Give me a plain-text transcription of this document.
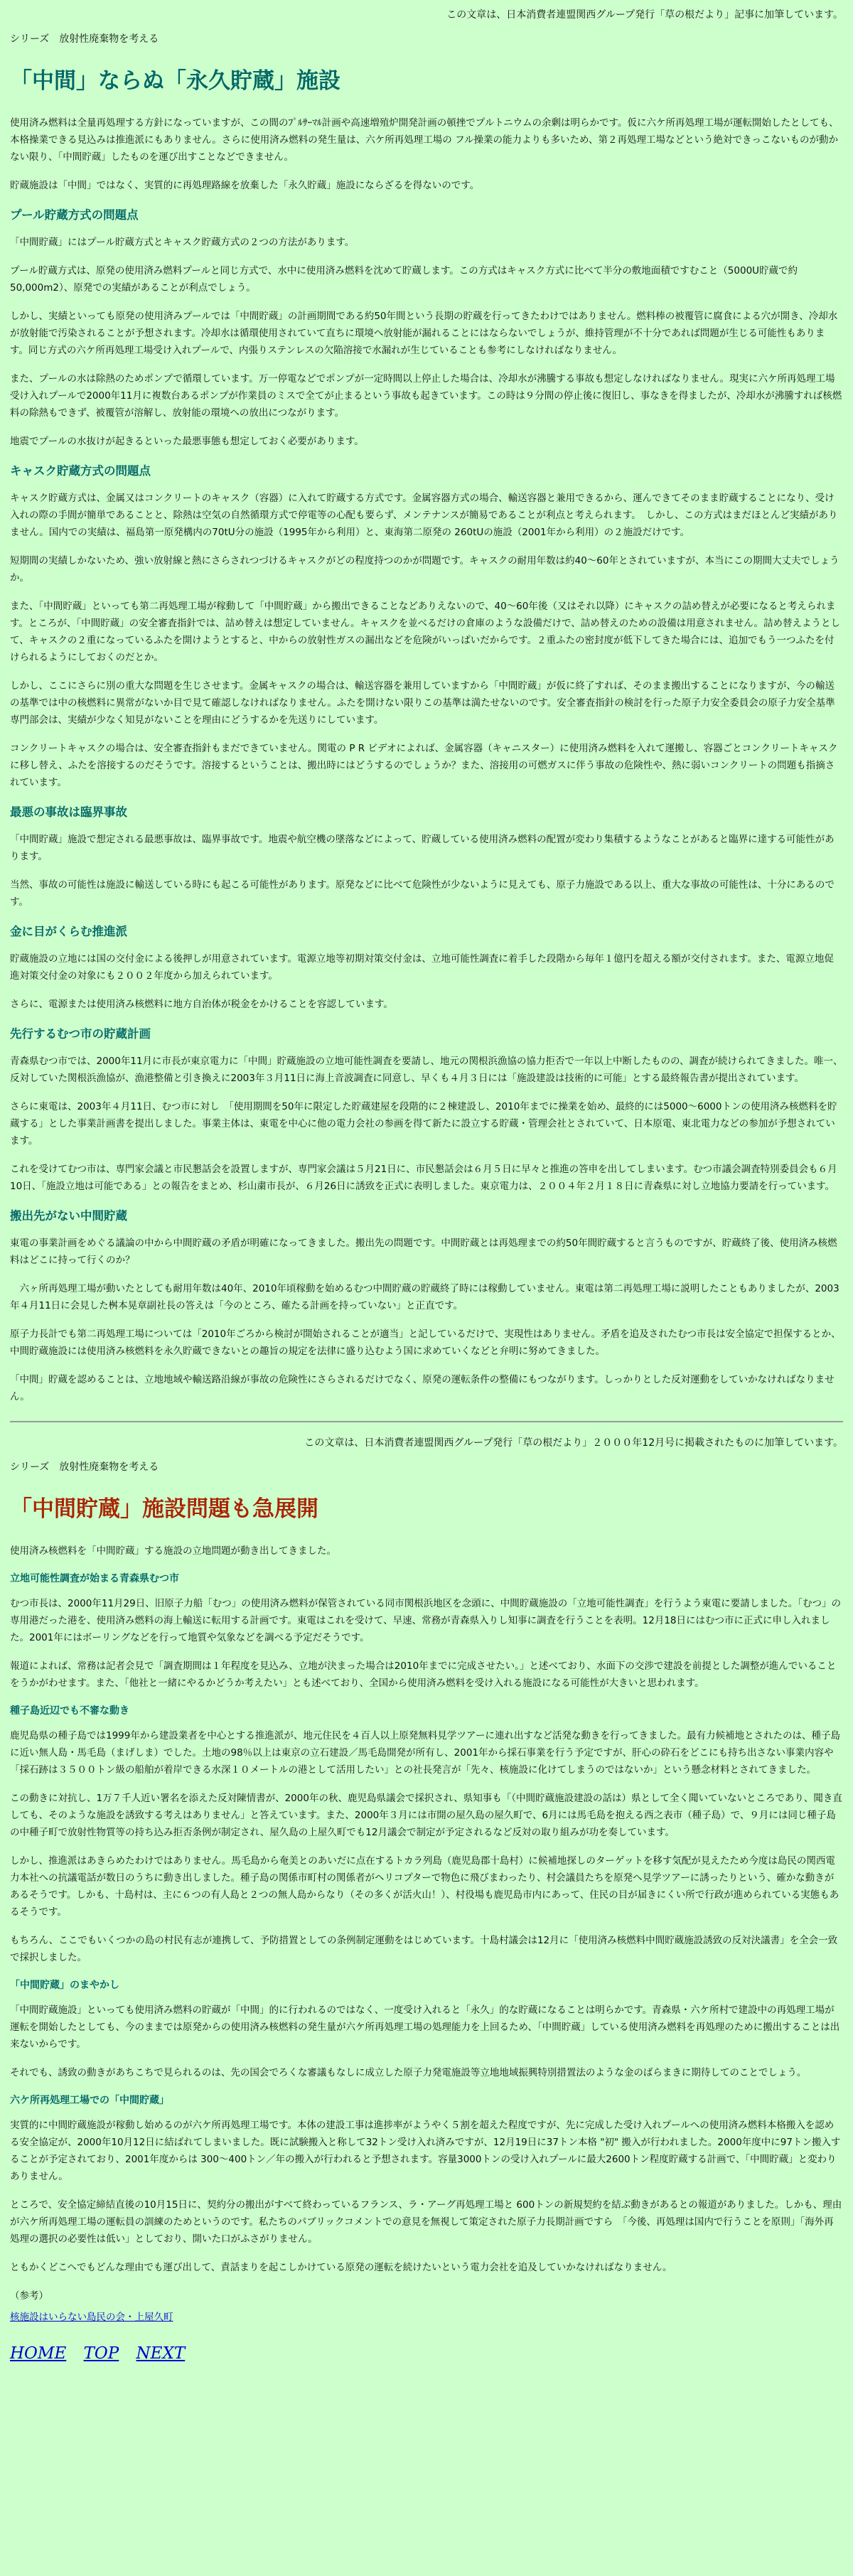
この文章は、日本消費者連盟関西グループ発行「草の根だより」記事に加筆しています。
シリーズ　放射性廃棄物を考える
「中間」ならぬ「永久貯蔵」施設

使用済み燃料は全量再処理する方針になっていますが、この間のﾌﾟﾙｻｰﾏﾙ計画や高速増殖炉開発計画の頓挫でプルトニウムの余剰は明らかです。仮に六ケ所再処理工場が運転開始したとしても、本格操業できる見込みは推進派にもありません。さらに使用済み燃料の発生量は、六ケ所再処理工場の フル操業の能力よりも多いため、第２再処理工場などという絶対できっこないものが動かない限り、「中間貯蔵」したものを運び出すことなどできません。

貯蔵施設は「中間」ではなく、実質的に再処理路線を放棄した「永久貯蔵」施設にならざるを得ないのです。

プール貯蔵方式の問題点

「中間貯蔵」にはプール貯蔵方式とキャスク貯蔵方式の２つの方法があります。

プール貯蔵方式は、原発の使用済み燃料プールと同じ方式で、水中に使用済み燃料を沈めて貯蔵します。この方式はキャスク方式に比べて半分の敷地面積ですむこと（5000U貯蔵で約50,000m2）、原発での実績があることが利点でしょう。

しかし、実績といっても原発の使用済みプールでは「中間貯蔵」の計画期間である約50年間という長期の貯蔵を行ってきたわけではありません。燃料棒の被覆管に腐食による穴が開き、冷却水が放射能で汚染されることが予想されます。冷却水は循環使用されていて直ちに環境へ放射能が漏れることにはならないでしょうが、維持管理が不十分であれば問題が生じる可能性もあります。同じ方式の六ケ所再処理工場受け入れプールで、内張りステンレスの欠陥溶接で水漏れが生じていることも参考にしなければなりません。

また、プールの水は除熱のためポンプで循環しています。万一停電などでポンプが一定時間以上停止した場合は、冷却水が沸騰する事故も想定しなければなりません。現実に六ケ所再処理工場受け入れプールで2000年11月に複数台あるポンプが作業員のミスで全てが止まるという事故も起きています。この時は９分間の停止後に復旧し、事なきを得ましたが、冷却水が沸騰すれば核燃料の除熱もできず、被覆管が溶解し、放射能の環境への放出につながります。

地震でプールの水抜けが起きるといった最悪事態も想定しておく必要があります。

キャスク貯蔵方式の問題点

キャスク貯蔵方式は、金属又はコンクリートのキャスク（容器）に入れて貯蔵する方式です。金属容器方式の場合、輸送容器と兼用できるから、運んできてそのまま貯蔵することになり、受け入れの際の手間が簡単であることと、除熱は空気の自然循環方式で停電等の心配も要らず、メンテナンスが簡易であることが利点と考えられます。　しかし、この方式はまだほとんど実績がありません。国内での実績は、福島第一原発構内の70tU分の施設（1995年から利用）と、東海第二原発の 260tUの施設（2001年から利用）の２施設だけです。

短期間の実績しかないため、強い放射線と熱にさらされつづけるキャスクがどの程度持つのかが問題です。キャスクの耐用年数は約40〜60年とされていますが、本当にこの期間大丈夫でしょうか。

また、「中間貯蔵」といっても第二再処理工場が稼動して「中間貯蔵」から搬出できることなどありえないので、40〜60年後（又はそれ以降）にキャスクの詰め替えが必要になると考えられます。ところが、「中間貯蔵」の安全審査指針では、詰め替えは想定していません。キャスクを並べるだけの倉庫のような設備だけで、詰め替えのための設備は用意されません。詰め替えようとして、キャスクの２重になっているふたを開けようとすると、中からの放射性ガスの漏出などを危険がいっぱいだからです。２重ふたの密封度が低下してきた場合には、追加でもう一つふたを付けられるようにしておくのだとか。

しかし、ここにさらに別の重大な問題を生じさせます。金属キャスクの場合は、輸送容器を兼用していますから「中間貯蔵」が仮に終了すれば、そのまま搬出することになりますが、今の輸送の基準では中の核燃料に異常がないか目で見て確認しなければなりません。ふたを開けない限りこの基準は満たせないのです。安全審査指針の検討を行った原子力安全委員会の原子力安全基準専門部会は、実績が少なく知見がないことを理由にどうするかを先送りにしています。

コンクリートキャスクの場合は、安全審査指針もまだできていません。関電の P R ビデオによれば、金属容器（キャニスター）に使用済み燃料を入れて運搬し、容器ごとコンクリートキャスクに移し替え、ふたを溶接するのだそうです。溶接するということは、搬出時にはどうするのでしょうか？また、溶接用の可燃ガスに伴う事故の危険性や、熱に弱いコンクリートの問題も指摘されています。

最悪の事故は臨界事故

「中間貯蔵」施設で想定される最悪事故は、臨界事故です。地震や航空機の墜落などによって、貯蔵している使用済み燃料の配置が変わり集積するようなことがあると臨界に達する可能性があります。

当然、事故の可能性は施設に輸送している時にも起こる可能性があります。原発などに比べて危険性が少ないように見えても、原子力施設である以上、重大な事故の可能性は、十分にあるのです。

金に目がくらむ推進派

貯蔵施設の立地には国の交付金による後押しが用意されています。電源立地等初期対策交付金は、立地可能性調査に着手した段階から毎年１億円を超える額が交付されます。また、電源立地促進対策交付金の対象にも２００２年度から加えられています。

さらに、電源または使用済み核燃料に地方自治体が税金をかけることを容認しています。

先行するむつ市の貯蔵計画

青森県むつ市では、2000年11月に市長が東京電力に「中間」貯蔵施設の立地可能性調査を要請し、地元の関根浜漁協の協力拒否で一年以上中断したものの、調査が続けられてきました。唯一、反対していた関根浜漁協が、漁港整備と引き換えに2003年３月11日に海上音波調査に同意し、早くも４月３日には「施設建設は技術的に可能」とする最終報告書が提出されています。

さらに東電は、2003年４月11日、むつ市に対し　「使用期間を50年に限定した貯蔵建屋を段階的に２棟建設し、2010年までに操業を始め、最終的には5000〜6000トンの使用済み核燃料を貯蔵する」とした事業計画書を提出しました。事業主体は、東電を中心に他の電力会社の参画を得て新たに設立する貯蔵・管理会社とされていて、日本原電、東北電力などの参加が予想されています。

これを受けてむつ市は、専門家会議と市民懇話会を設置しますが、専門家会議は５月21日に、市民懇話会は６月５日に早々と推進の答申を出してしまいます。むつ市議会調査特別委員会も６月10日、「施設立地は可能である」との報告をまとめ、杉山粛市長が、６月26日に誘致を正式に表明しました。東京電力は、２００４年２月１８日に青森県に対し立地協力要請を行っています。

搬出先がない中間貯蔵

東電の事業計画をめぐる議論の中から中間貯蔵の矛盾が明確になってきました。搬出先の問題です。中間貯蔵とは再処理までの約50年間貯蔵すると言うものですが、貯蔵終了後、使用済み核燃料はどこに持って行くのか？

　六ヶ所再処理工場が動いたとしても耐用年数は40年、2010年頃稼動を始めるむつ中間貯蔵の貯蔵終了時には稼動していません。東電は第二再処理工場に説明したこともありましたが、2003年４月11日に会見した桝本晃章副社長の答えは「今のところ、確たる計画を持っていない」と正直です。

原子力長計でも第二再処理工場については「2010年ごろから検討が開始されることが適当」と記しているだけで、実現性はありません。矛盾を追及されたむつ市長は安全協定で担保するとか、中間貯蔵施設には使用済み核燃料を永久貯蔵できないとの趣旨の規定を法律に盛り込むよう国に求めていくなどと弁明に努めてきました。

「中間」貯蔵を認めることは、立地地域や輸送路沿線が事故の危険性にさらされるだけでなく、原発の運転条件の整備にもつながります。しっかりとした反対運動をしていかなければなりません。

この文章は、日本消費者連盟関西グループ発行「草の根だより」２０００年12月号に掲載されたものに加筆しています。
シリーズ　放射性廃棄物を考える
「中間貯蔵」施設問題も急展開

使用済み核燃料を「中間貯蔵」する施設の立地問題が動き出してきました。

立地可能性調査が始まる青森県むつ市

むつ市長は、2000年11月29日、旧原子力船「むつ」の使用済み燃料が保管されている同市関根浜地区を念頭に、中間貯蔵施設の「立地可能性調査」を行うよう東電に要請しました。「むつ」の専用港だった港を、使用済み燃料の海上輸送に転用する計画です。東電はこれを受けて、早速、常務が青森県入りし知事に調査を行うことを表明。12月18日にはむつ市に正式に申し入れました。2001年にはボーリングなどを行って地質や気象などを調べる予定だそうです。

報道によれば、常務は記者会見で「調査期間は１年程度を見込み、立地が決まった場合は2010年までに完成させたい。」と述べており、水面下の交渉で建設を前提とした調整が進んでいることをうかがわせます。また、「他社と一緒にやるかどうか考えたい」とも述べており、全国から使用済み燃料を受け入れる施設になる可能性が大きいと思われます。

種子島近辺でも不審な動き

鹿児島県の種子島では1999年から建設業者を中心とする推進派が、地元住民を４百人以上原発無料見学ツアーに連れ出すなど活発な動きを行ってきました。最有力候補地とされたのは、種子島に近い無人島・馬毛島（まげしま）でした。土地の98％以上は東京の立石建設／馬毛島開発が所有し、2001年から採石事業を行う予定ですが、肝心の砕石をどこにも持ち出さない事業内容や　「採石跡は３５００トン級の船舶が着岸できる水深１０メートルの港として活用したい」との社長発言が「先々、核施設に化けてしまうのではないか」という懸念材料とされてきました。

この動きに対抗し、1万７千人近い署名を添えた反対陳情書が、2000年の秋、鹿児島県議会で採択され、県知事も「（中間貯蔵施設建設の話は）県として全く聞いていないところであり、聞き直しても、そのような施設を誘致する考えはありません」と答えています。また、2000年３月には市開の屋久島の屋久町で、6月には馬毛島を抱える西之表市（種子島）で、９月には同じ種子島の中種子町で放射性物質等の持ち込み拒否条例が制定され、屋久島の上屋久町でも12月議会で制定が予定されるなど反対の取り組みが功を奏しています。

しかし、推進派はあきらめたわけではありません。馬毛島から奄美とのあいだに点在するトカラ列島（鹿児島郡十島村）に候補地探しのターゲットを移す気配が見えたため今度は島民の関西電力本社への抗議電話が数日のうちに動き出しました。種子島の関係市町村の関係者がヘリコプターで物色に飛びまわったり、村会議員たちを原発へ見学ツアーに誘ったりという、確かな動きがあるそうです。しかも、十島村は、主に６つの有人島と２つの無人島からなり（その多くが活火山！）、村役場も鹿児島市内にあって、住民の目が届きにくい所で行政が進められている実態もあるそうです。

もちろん、ここでもいくつかの島の村民有志が連携して、予防措置としての条例制定運動をはじめています。十島村議会は12月に「使用済み核燃料中間貯蔵施設誘致の反対決議書」を全会一致で採択しました。

「中間貯蔵」のまやかし

「中間貯蔵施設」といっても使用済み燃料の貯蔵が「中間」的に行われるのではなく、一度受け入れると「永久」的な貯蔵になることは明らかです。青森県・六ケ所村で建設中の再処理工場が運転を開始したとしても、今のままでは原発からの使用済み核燃料の発生量が六ケ所再処理工場の処理能力を上回るため、「中間貯蔵」している使用済み燃料を再処理のために搬出することは出来ないからです。

それでも、誘致の動きがあちこちで見られるのは、先の国会でろくな審議もなしに成立した原子力発電施設等立地地域振興特別措置法のような金のばらまきに期待してのことでしょう。

六ケ所再処理工場での「中間貯蔵」

実質的に中間貯蔵施設が稼動し始めるのが六ケ所再処理工場です。本体の建設工事は進捗率がようやく５割を超えた程度ですが、先に完成した受け入れプールへの使用済み燃料本格搬入を認める安全協定が、2000年10月12日に結ばれてしまいました。既に試験搬入と称して32トン受け入れ済みですが、12月19日に37トン本格 "初" 搬入が行われました。2000年度中に97トン搬入することが予定されており、2001年度からは 300〜400トン／年の搬入が行われると予想されます。容量3000トンの受け入れプールに最大2600トン程度貯蔵する計画で、「中間貯蔵」と変わりありません。

ところで、安全協定締結直後の10月15日に、契約分の搬出がすべて終わっているフランス、ラ・アーグ再処理工場と 600トンの新規契約を結ぶ動きがあるとの報道がありました。しかも、理由が六ケ所再処理工場の運転員の訓練のためというのです。私たちのパブリックコメントでの意見を無視して策定された原子力長期計画ですら　「今後、再処理は国内で行うことを原則」「海外再処理の選択の必要性は低い」としており、開いた口がふさがりません。

ともかくどこへでもどんな理由でも運び出して、責話まりを起こしかけている原発の運転を続けたいという電力会社を追及していかなければなりません。

（参考）
核施設はいらない島民の会・上屋久町
HOME TOP NEXT
